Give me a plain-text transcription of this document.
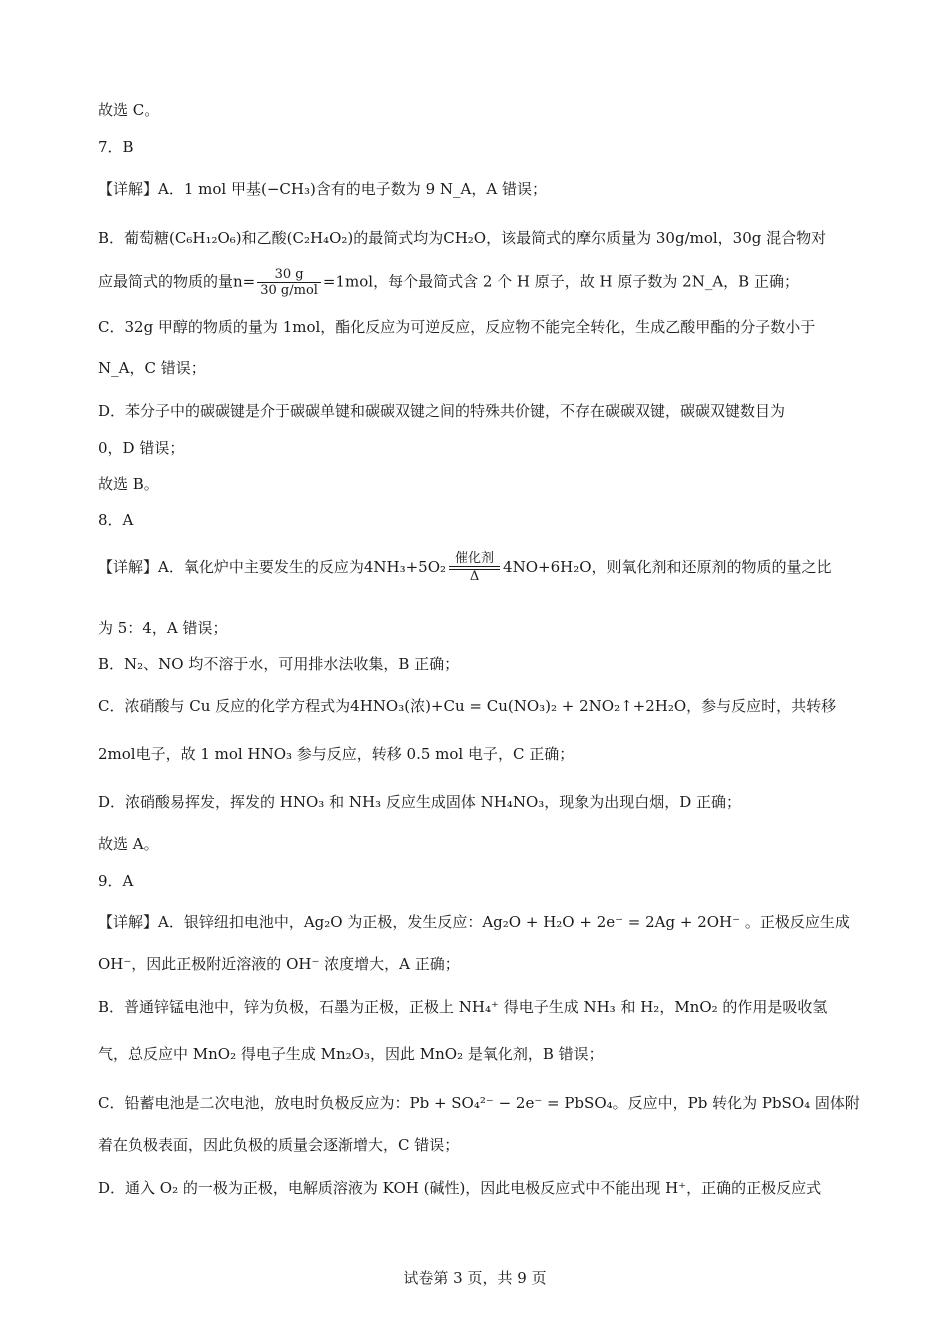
故选 C。
7．B
【详解】A．1 mol 甲基(−CH₃)含有的电子数为 9 N_A，A 错误；
B．葡萄糖(C₆H₁₂O₆)和乙酸(C₂H₄O₂)的最简式均为CH₂O，该最简式的摩尔质量为 30g/mol，30g 混合物对
应最简式的物质的量$n= \frac{30 g}{\text{30 g/mol}} =1mol$，每个最简式含 2 个 H 原子，故 H 原子数为 2N_A，B 正确；
C．32g 甲醇的物质的量为 1mol，酯化反应为可逆反应，反应物不能完全转化，生成乙酸甲酯的分子数小于
N_A，C 错误；
D．苯分子中的碳碳键是介于碳碳单键和碳碳双键之间的特殊共价键，不存在碳碳双键，碳碳双键数目为
0，D 错误；
故选 B。
8．A
【详解】A．氧化炉中主要发生的反应为4NH₃+5O₂ 催化剂
Δ
4NO+6H₂O，则氧化剂和还原剂的物质的量之比
为 5：4，A 错误；
B．N₂、NO 均不溶于水，可用排水法收集，B 正确；
C．浓硝酸与 Cu 反应的化学方程式为4HNO₃(浓)+Cu = Cu(NO₃)₂ + 2NO₂↑+2H₂O，参与反应时，共转移
2mol电子，故 1 mol HNO₃ 参与反应，转移 0.5 mol 电子，C 正确；
D．浓硝酸易挥发，挥发的 HNO₃ 和 NH₃ 反应生成固体 NH₄NO₃，现象为出现白烟，D 正确；
故选 A。
9．A
【详解】A．银锌纽扣电池中，Ag₂O 为正极，发生反应：Ag₂O + H₂O + 2e⁻ = 2Ag + 2OH⁻ 。正极反应生成
OH⁻，因此正极附近溶液的 OH⁻ 浓度增大，A 正确；
B．普通锌锰电池中，锌为负极，石墨为正极，正极上 NH₄⁺ 得电子生成 NH₃ 和 H₂，MnO₂ 的作用是吸收氢
气，总反应中 MnO₂ 得电子生成 Mn₂O₃，因此 MnO₂ 是氧化剂，B 错误；
C．铅蓄电池是二次电池，放电时负极反应为：Pb + SO₄²⁻ − 2e⁻ = PbSO₄。反应中，Pb 转化为 PbSO₄ 固体附
着在负极表面，因此负极的质量会逐渐增大，C 错误；
D．通入 O₂ 的一极为正极，电解质溶液为 KOH (碱性)，因此电极反应式中不能出现 H⁺，正确的正极反应式
试卷第 3 页，共 9 页
